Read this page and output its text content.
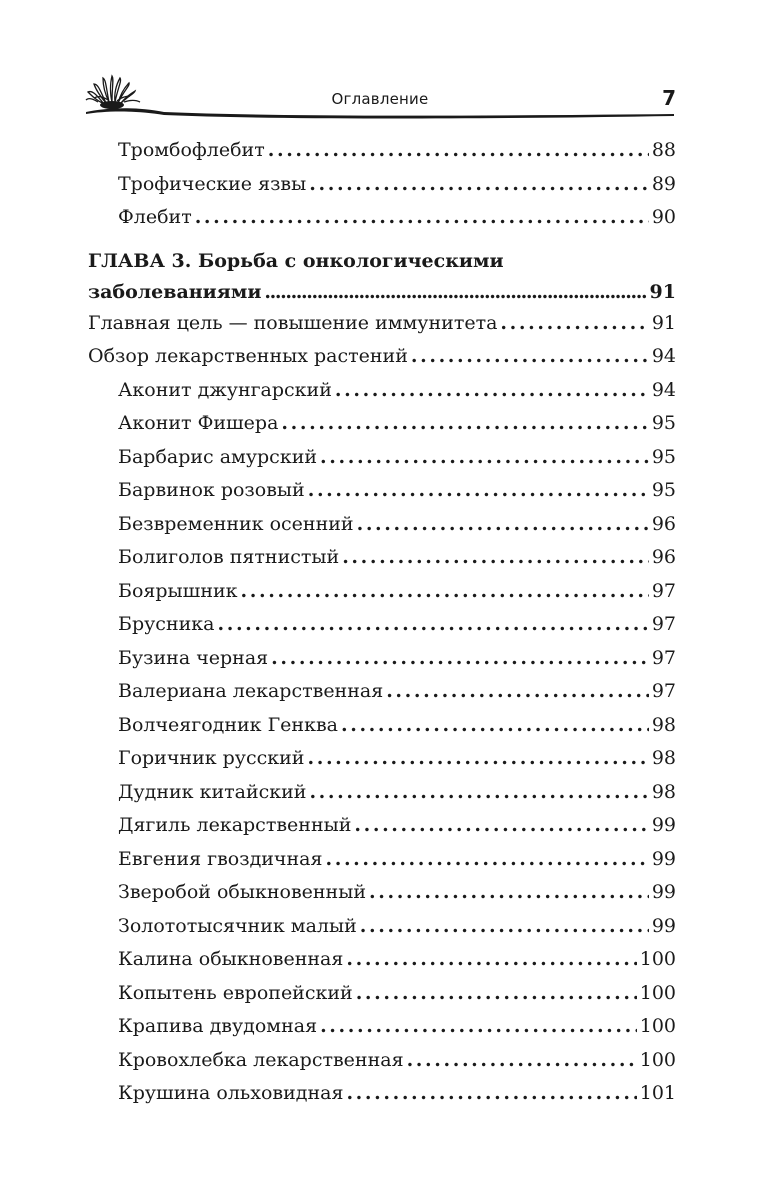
Оглавление	7
Тромбофлебит . . .	88
Трофические язвы . . .	89
Флебит . . .	90
ГЛАВА 3. Борьба с онкологическими
заболеваниями . . .	91
Главная цель — повышение иммунитета . . .	91
Обзор лекарственных растений . . .	94
Аконит джунгарский . . .	94
Аконит Фишера . . .	95
Барбарис амурский . . .	95
Барвинок розовый . . .	95
Безвременник осенний . . .	96
Болиголов пятнистый . . .	96
Боярышник . . .	97
Брусника . . .	97
Бузина черная . . .	97
Валериана лекарственная . . .	97
Волчеягодник Генква . . .	98
Горичник русский . . .	98
Дудник китайский . . .	98
Дягиль лекарственный . . .	99
Евгения гвоздичная . . .	99
Зверобой обыкновенный . . .	99
Золототысячник малый . . .	99
Калина обыкновенная . . .	100
Копытень европейский . . .	100
Крапива двудомная . . .	100
Кровохлебка лекарственная . . .	100
Крушина ольховидная . . .	101
